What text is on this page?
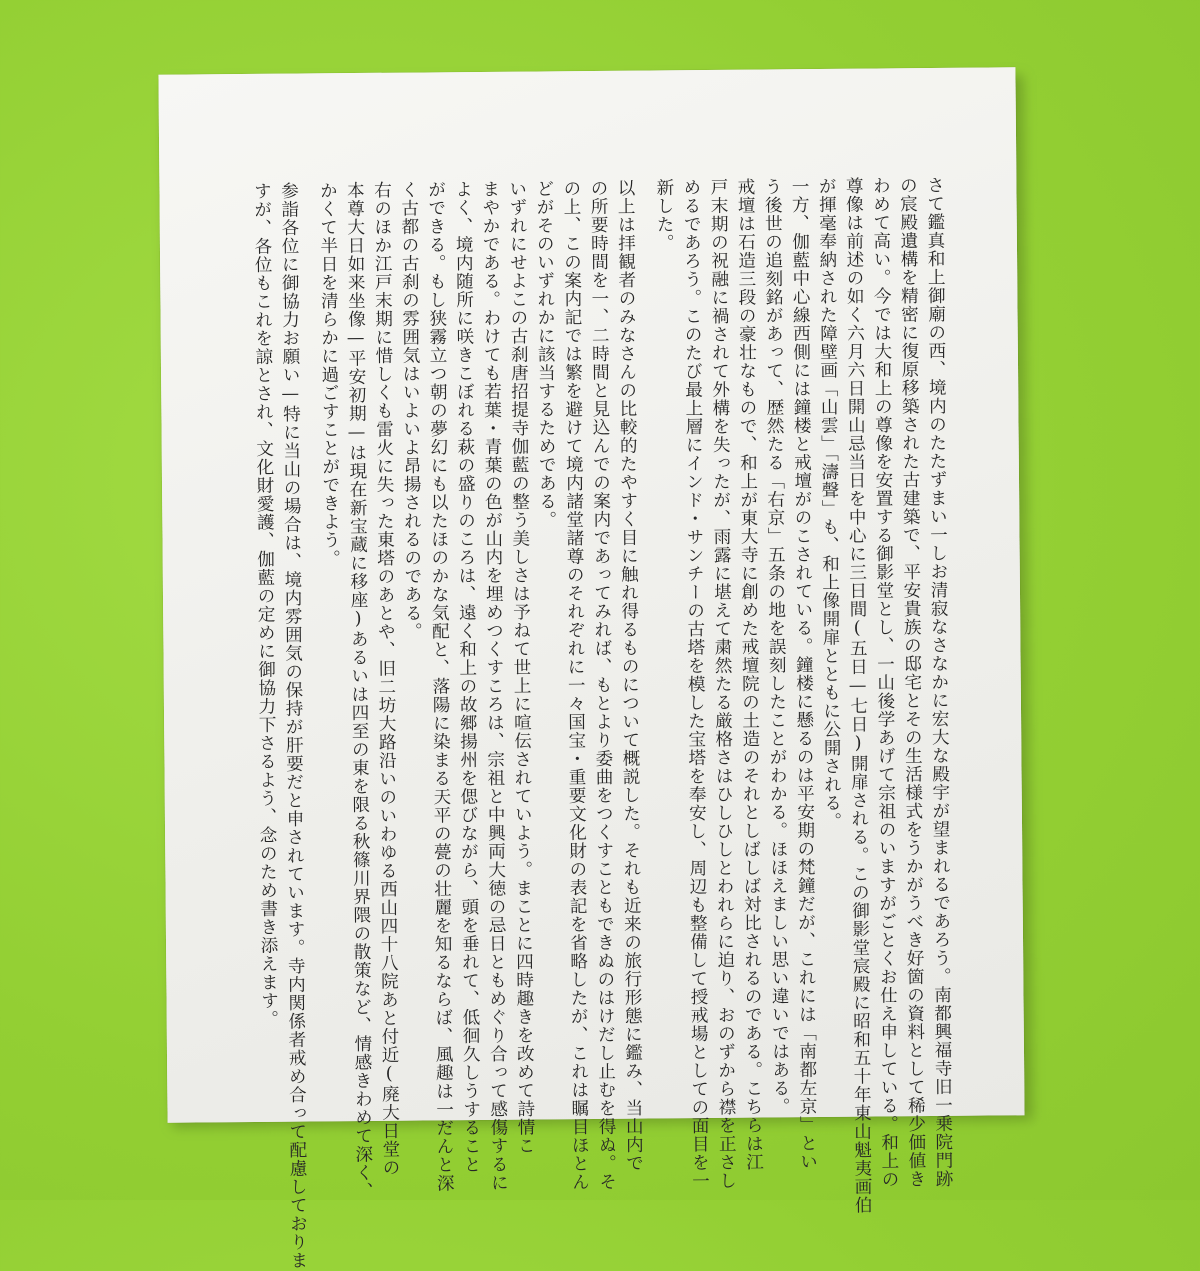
さて鑑真和上御廟の西、境内のたたずまい一しお清寂なさなかに宏大な殿宇が望まれるであろう。南都興福寺旧一乗院門跡
の宸殿遺構を精密に復原移築された古建築で、平安貴族の邸宅とその生活様式をうかがうべき好箇の資料として稀少価値き
わめて高い。今では大和上の尊像を安置する御影堂とし、一山後学あげて宗祖のいますがごとくお仕え申している。和上の
尊像は前述の如く六月六日開山忌当日を中心に三日間(五日—七日)開扉される。この御影堂宸殿に昭和五十年東山魁夷画伯
が揮毫奉納された障壁画「山雲」「濤聲」も、和上像開扉とともに公開される。
一方、伽藍中心線西側には鐘楼と戒壇がのこされている。鐘楼に懸るのは平安期の梵鐘だが、これには「南都左京」とい
う後世の追刻銘があって、歴然たる「右京」五条の地を誤刻したことがわかる。ほほえましい思い違いではある。
戒壇は石造三段の豪壮なもので、和上が東大寺に創めた戒壇院の土造のそれとしばしば対比されるのである。こちらは江
戸末期の祝融に禍されて外構を失ったが、雨露に堪えて粛然たる厳格さはひしひしとわれらに迫り、おのずから襟を正さし
めるであろう。このたび最上層にインド・サンチーの古塔を模した宝塔を奉安し、周辺も整備して授戒場としての面目を一
新した。
以上は拝観者のみなさんの比較的たやすく目に触れ得るものについて概説した。それも近来の旅行形態に鑑み、当山内で
の所要時間を一、二時間と見込んでの案内であってみれば、もとより委曲をつくすこともできぬのはけだし止むを得ぬ。そ
の上、この案内記では繁を避けて境内諸堂諸尊のそれぞれに一々国宝・重要文化財の表記を省略したが、これは瞩目ほとん
どがそのいずれかに該当するためである。
いずれにせよこの古刹唐招提寺伽藍の整う美しさは予ねて世上に喧伝されていよう。まことに四時趣きを改めて詩情こ
まやかである。わけても若葉・青葉の色が山内を埋めつくすころは、宗祖と中興両大徳の忌日ともめぐり合って感傷するに
よく、境内随所に咲きこぼれる萩の盛りのころは、遠く和上の故郷揚州を偲びながら、頭を垂れて、低徊久しうすること
ができる。もし狭霧立つ朝の夢幻にも以たほのかな気配と、落陽に染まる天平の甍の壮麗を知るならば、風趣は一だんと深
く古都の古刹の雰囲気はいよいよ昂揚されるのである。
右のほか江戸末期に惜しくも雷火に失った東塔のあとや、旧二坊大路沿いのいわゆる西山四十八院あと付近(廃大日堂の
本尊大日如来坐像—平安初期—は現在新宝蔵に移座)あるいは四至の東を限る秋篠川界隈の散策など、情感きわめて深く、
かくて半日を清らかに過ごすことができよう。
参詣各位に御協力お願い—特に当山の場合は、境内雰囲気の保持が肝要だと申されています。寺内関係者戒め合って配慮しておりま
すが、各位もこれを諒とされ、文化財愛護、伽藍の定めに御協力下さるよう、念のため書き添えます。
